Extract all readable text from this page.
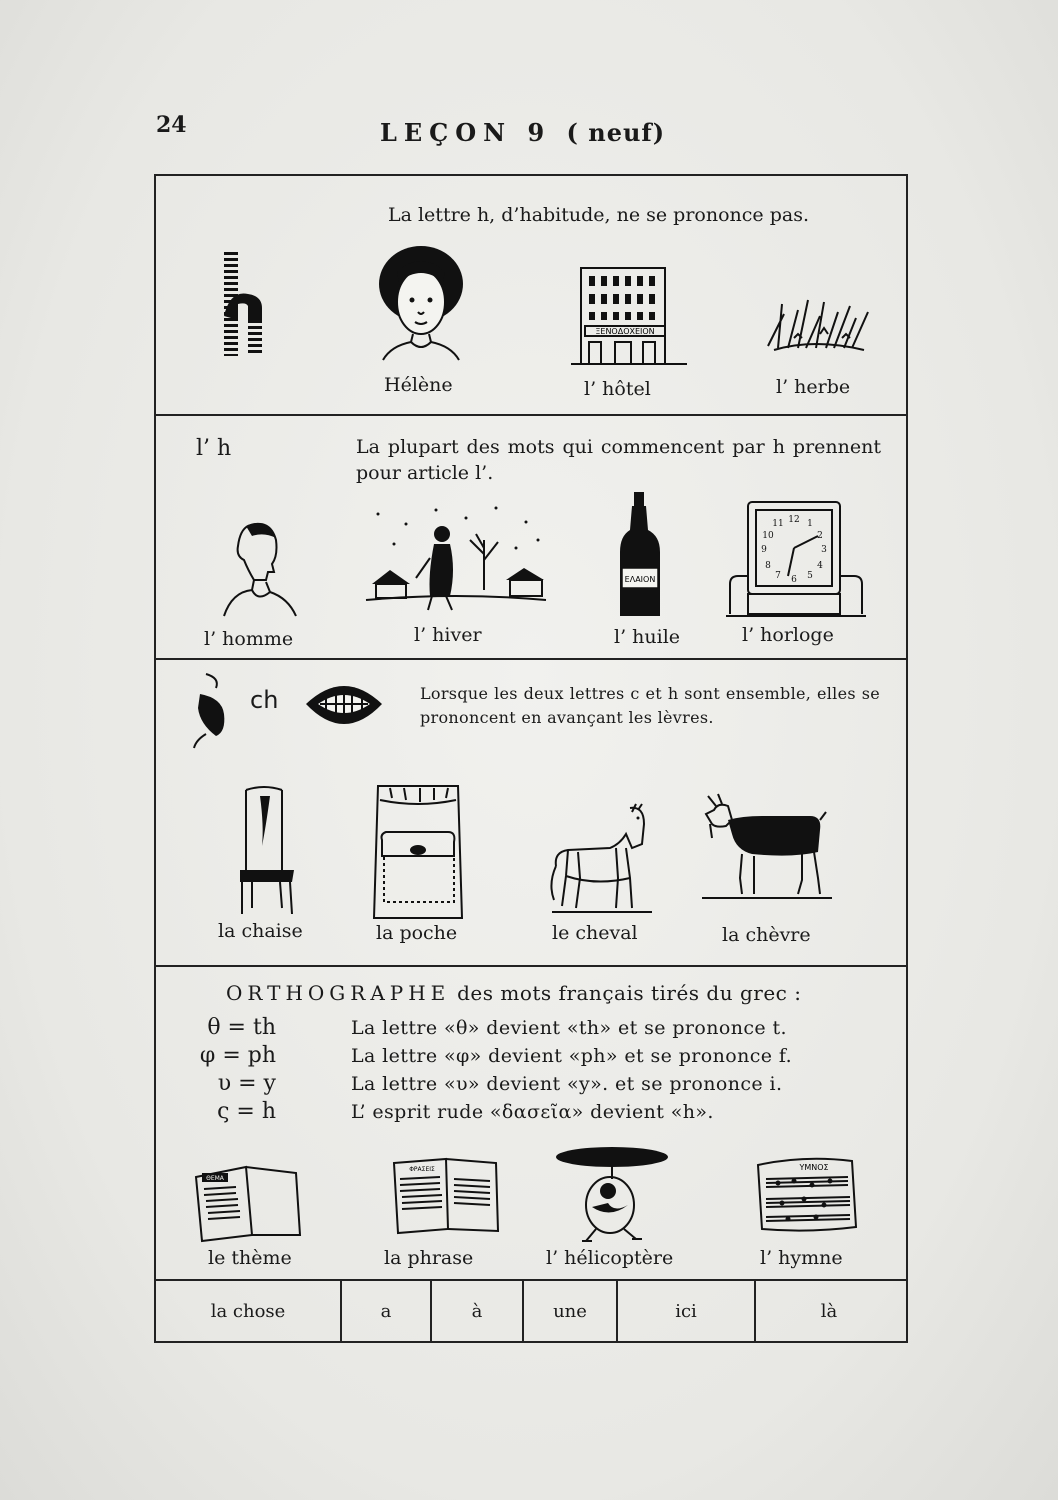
24	LEÇON 9 ( neuf)
La lettre h, d’habitude, ne se prononce pas.
Hélène
ΞΕΝΟΔΟΧΕΙΟΝ
l’ hôtel	l’ herbe
l’ h	La plupart des mots qui commencent par h prennent pour article l’.
l’ homme	l’ hiver
ΕΛΑΙΟΝ
l’ huile
12
3
6
9
1
2
4
5
7
8
10
11
l’ horloge
ch	Lorsque les deux lettres c et h sont ensemble, elles se prononcent en avançant les lèvres.
la chaise	la poche	le cheval	la chèvre
ORTHOGRAPHE des mots français tirés du grec :
θ = th	La lettre «θ» devient «th» et se prononce t.
φ = ph	La lettre «φ» devient «ph» et se prononce f.
υ = y	La lettre «υ» devient «y». et se prononce i.
ς = h	L’ esprit rude «δασεῖα» devient «h».
ΘΕΜΑ
le thème
ΦΡΑΣΕΙΣ
la phrase	l’ hélicoptère
ΥΜΝΟΣ
l’ hymne
la chose	a	à	une	ici	là
